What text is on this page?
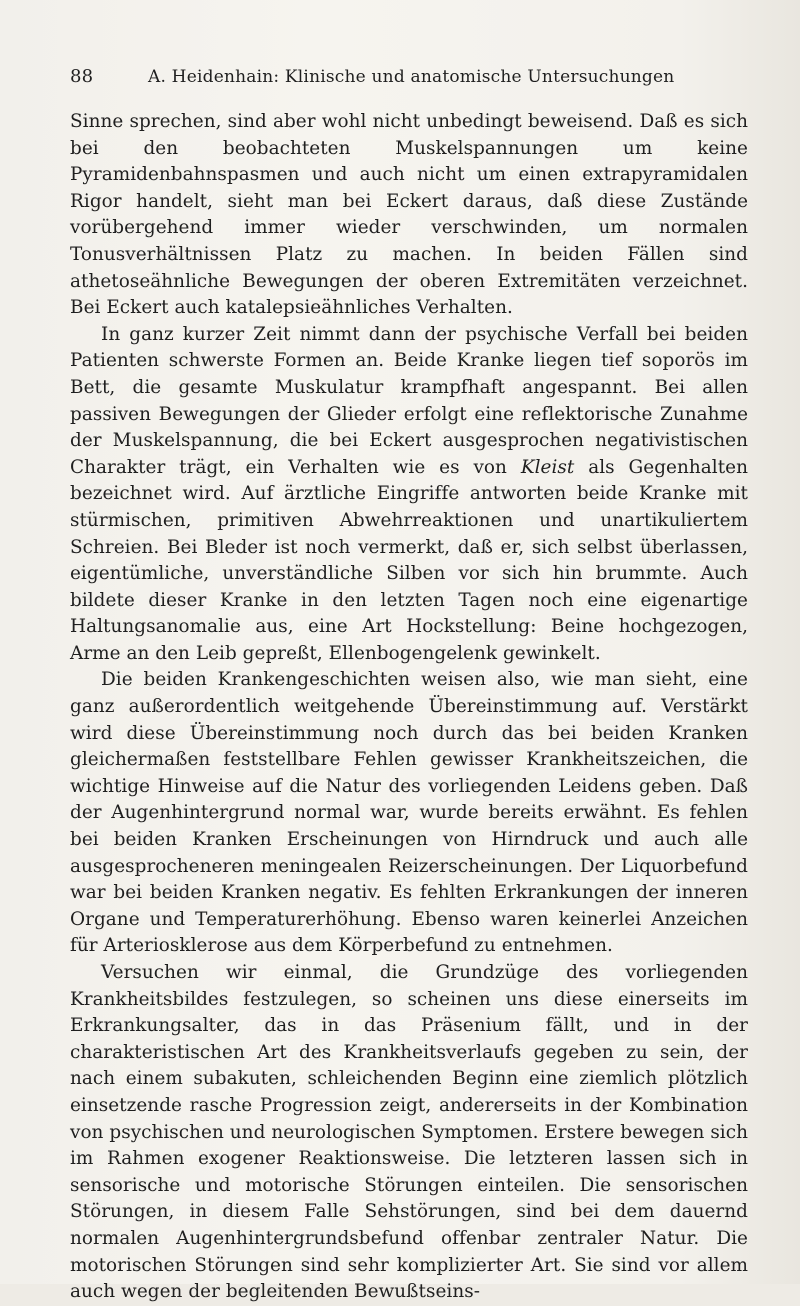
88	A. Heidenhain: Klinische und anatomische Untersuchungen

Sinne sprechen, sind aber wohl nicht unbedingt beweisend. Daß es sich bei den beobachteten Muskelspannungen um keine Pyramidenbahnspasmen und auch nicht um einen extrapyramidalen Rigor handelt, sieht man bei Eckert daraus, daß diese Zustände vorübergehend immer wieder verschwinden, um normalen Tonusverhältnissen Platz zu machen. In beiden Fällen sind athetoseähnliche Bewegungen der oberen Extremitäten verzeichnet. Bei Eckert auch katalepsieähnliches Verhalten.

In ganz kurzer Zeit nimmt dann der psychische Verfall bei beiden Patienten schwerste Formen an. Beide Kranke liegen tief soporös im Bett, die gesamte Muskulatur krampfhaft angespannt. Bei allen passiven Bewegungen der Glieder erfolgt eine reflektorische Zunahme der Muskelspannung, die bei Eckert ausgesprochen negativistischen Charakter trägt, ein Verhalten wie es von Kleist als Gegenhalten bezeichnet wird. Auf ärztliche Eingriffe antworten beide Kranke mit stürmischen, primitiven Abwehrreaktionen und unartikuliertem Schreien. Bei Bleder ist noch vermerkt, daß er, sich selbst überlassen, eigentümliche, unverständliche Silben vor sich hin brummte. Auch bildete dieser Kranke in den letzten Tagen noch eine eigenartige Haltungsanomalie aus, eine Art Hockstellung: Beine hochgezogen, Arme an den Leib gepreßt, Ellenbogengelenk gewinkelt.

Die beiden Krankengeschichten weisen also, wie man sieht, eine ganz außerordentlich weitgehende Übereinstimmung auf. Verstärkt wird diese Übereinstimmung noch durch das bei beiden Kranken gleichermaßen feststellbare Fehlen gewisser Krankheitszeichen, die wichtige Hinweise auf die Natur des vorliegenden Leidens geben. Daß der Augenhintergrund normal war, wurde bereits erwähnt. Es fehlen bei beiden Kranken Erscheinungen von Hirndruck und auch alle ausgesprocheneren meningealen Reizerscheinungen. Der Liquorbefund war bei beiden Kranken negativ. Es fehlten Erkrankungen der inneren Organe und Temperaturerhöhung. Ebenso waren keinerlei Anzeichen für Arteriosklerose aus dem Körperbefund zu entnehmen.

Versuchen wir einmal, die Grundzüge des vorliegenden Krankheitsbildes festzulegen, so scheinen uns diese einerseits im Erkrankungsalter, das in das Präsenium fällt, und in der charakteristischen Art des Krankheitsverlaufs gegeben zu sein, der nach einem subakuten, schleichenden Beginn eine ziemlich plötzlich einsetzende rasche Progression zeigt, andererseits in der Kombination von psychischen und neurologischen Symptomen. Erstere bewegen sich im Rahmen exogener Reaktionsweise. Die letzteren lassen sich in sensorische und motorische Störungen einteilen. Die sensorischen Störungen, in diesem Falle Sehstörungen, sind bei dem dauernd normalen Augenhintergrundsbefund offenbar zentraler Natur. Die motorischen Störungen sind sehr komplizierter Art. Sie sind vor allem auch wegen der begleitenden Bewußtseins-
